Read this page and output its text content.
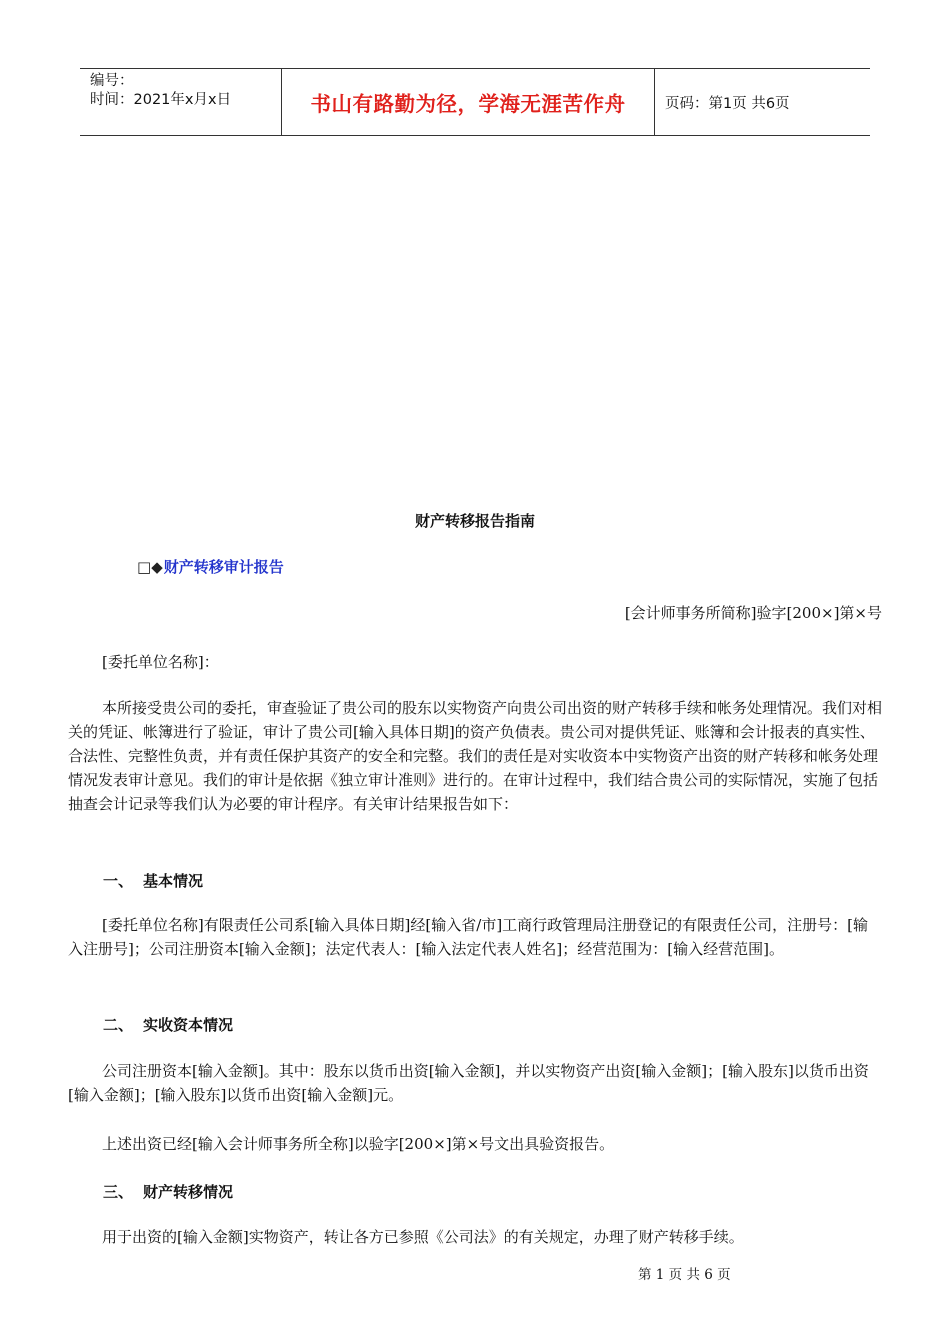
编号：
时间：2021年x月x日	书山有路勤为径，学海无涯苦作舟	页码：第1页 共6页
财产转移报告指南
□◆财产转移审计报告
[会计师事务所简称]验字[200×]第×号

[委托单位名称]：

本所接受贵公司的委托，审查验证了贵公司的股东以实物资产向贵公司出资的财产转移手续和帐务处理情况。我们对相关的凭证、帐簿进行了验证，审计了贵公司[输入具体日期]的资产负债表。贵公司对提供凭证、账簿和会计报表的真实性、合法性、完整性负责，并有责任保护其资产的安全和完整。我们的责任是对实收资本中实物资产出资的财产转移和帐务处理情况发表审计意见。我们的审计是依据《独立审计准则》进行的。在审计过程中，我们结合贵公司的实际情况，实施了包括抽查会计记录等我们认为必要的审计程序。有关审计结果报告如下：

一、 基本情况

[委托单位名称]有限责任公司系[输入具体日期]经[输入省/市]工商行政管理局注册登记的有限责任公司，注册号：[输入注册号]；公司注册资本[输入金额]；法定代表人：[输入法定代表人姓名]；经营范围为：[输入经营范围]。

二、 实收资本情况

公司注册资本[输入金额]。其中：股东以货币出资[输入金额]，并以实物资产出资[输入金额]；[输入股东]以货币出资[输入金额]；[输入股东]以货币出资[输入金额]元。

上述出资已经[输入会计师事务所全称]以验字[200×]第×号文出具验资报告。

三、 财产转移情况

用于出资的[输入金额]实物资产，转让各方已参照《公司法》的有关规定，办理了财产转移手续。

第 1 页 共 6 页
